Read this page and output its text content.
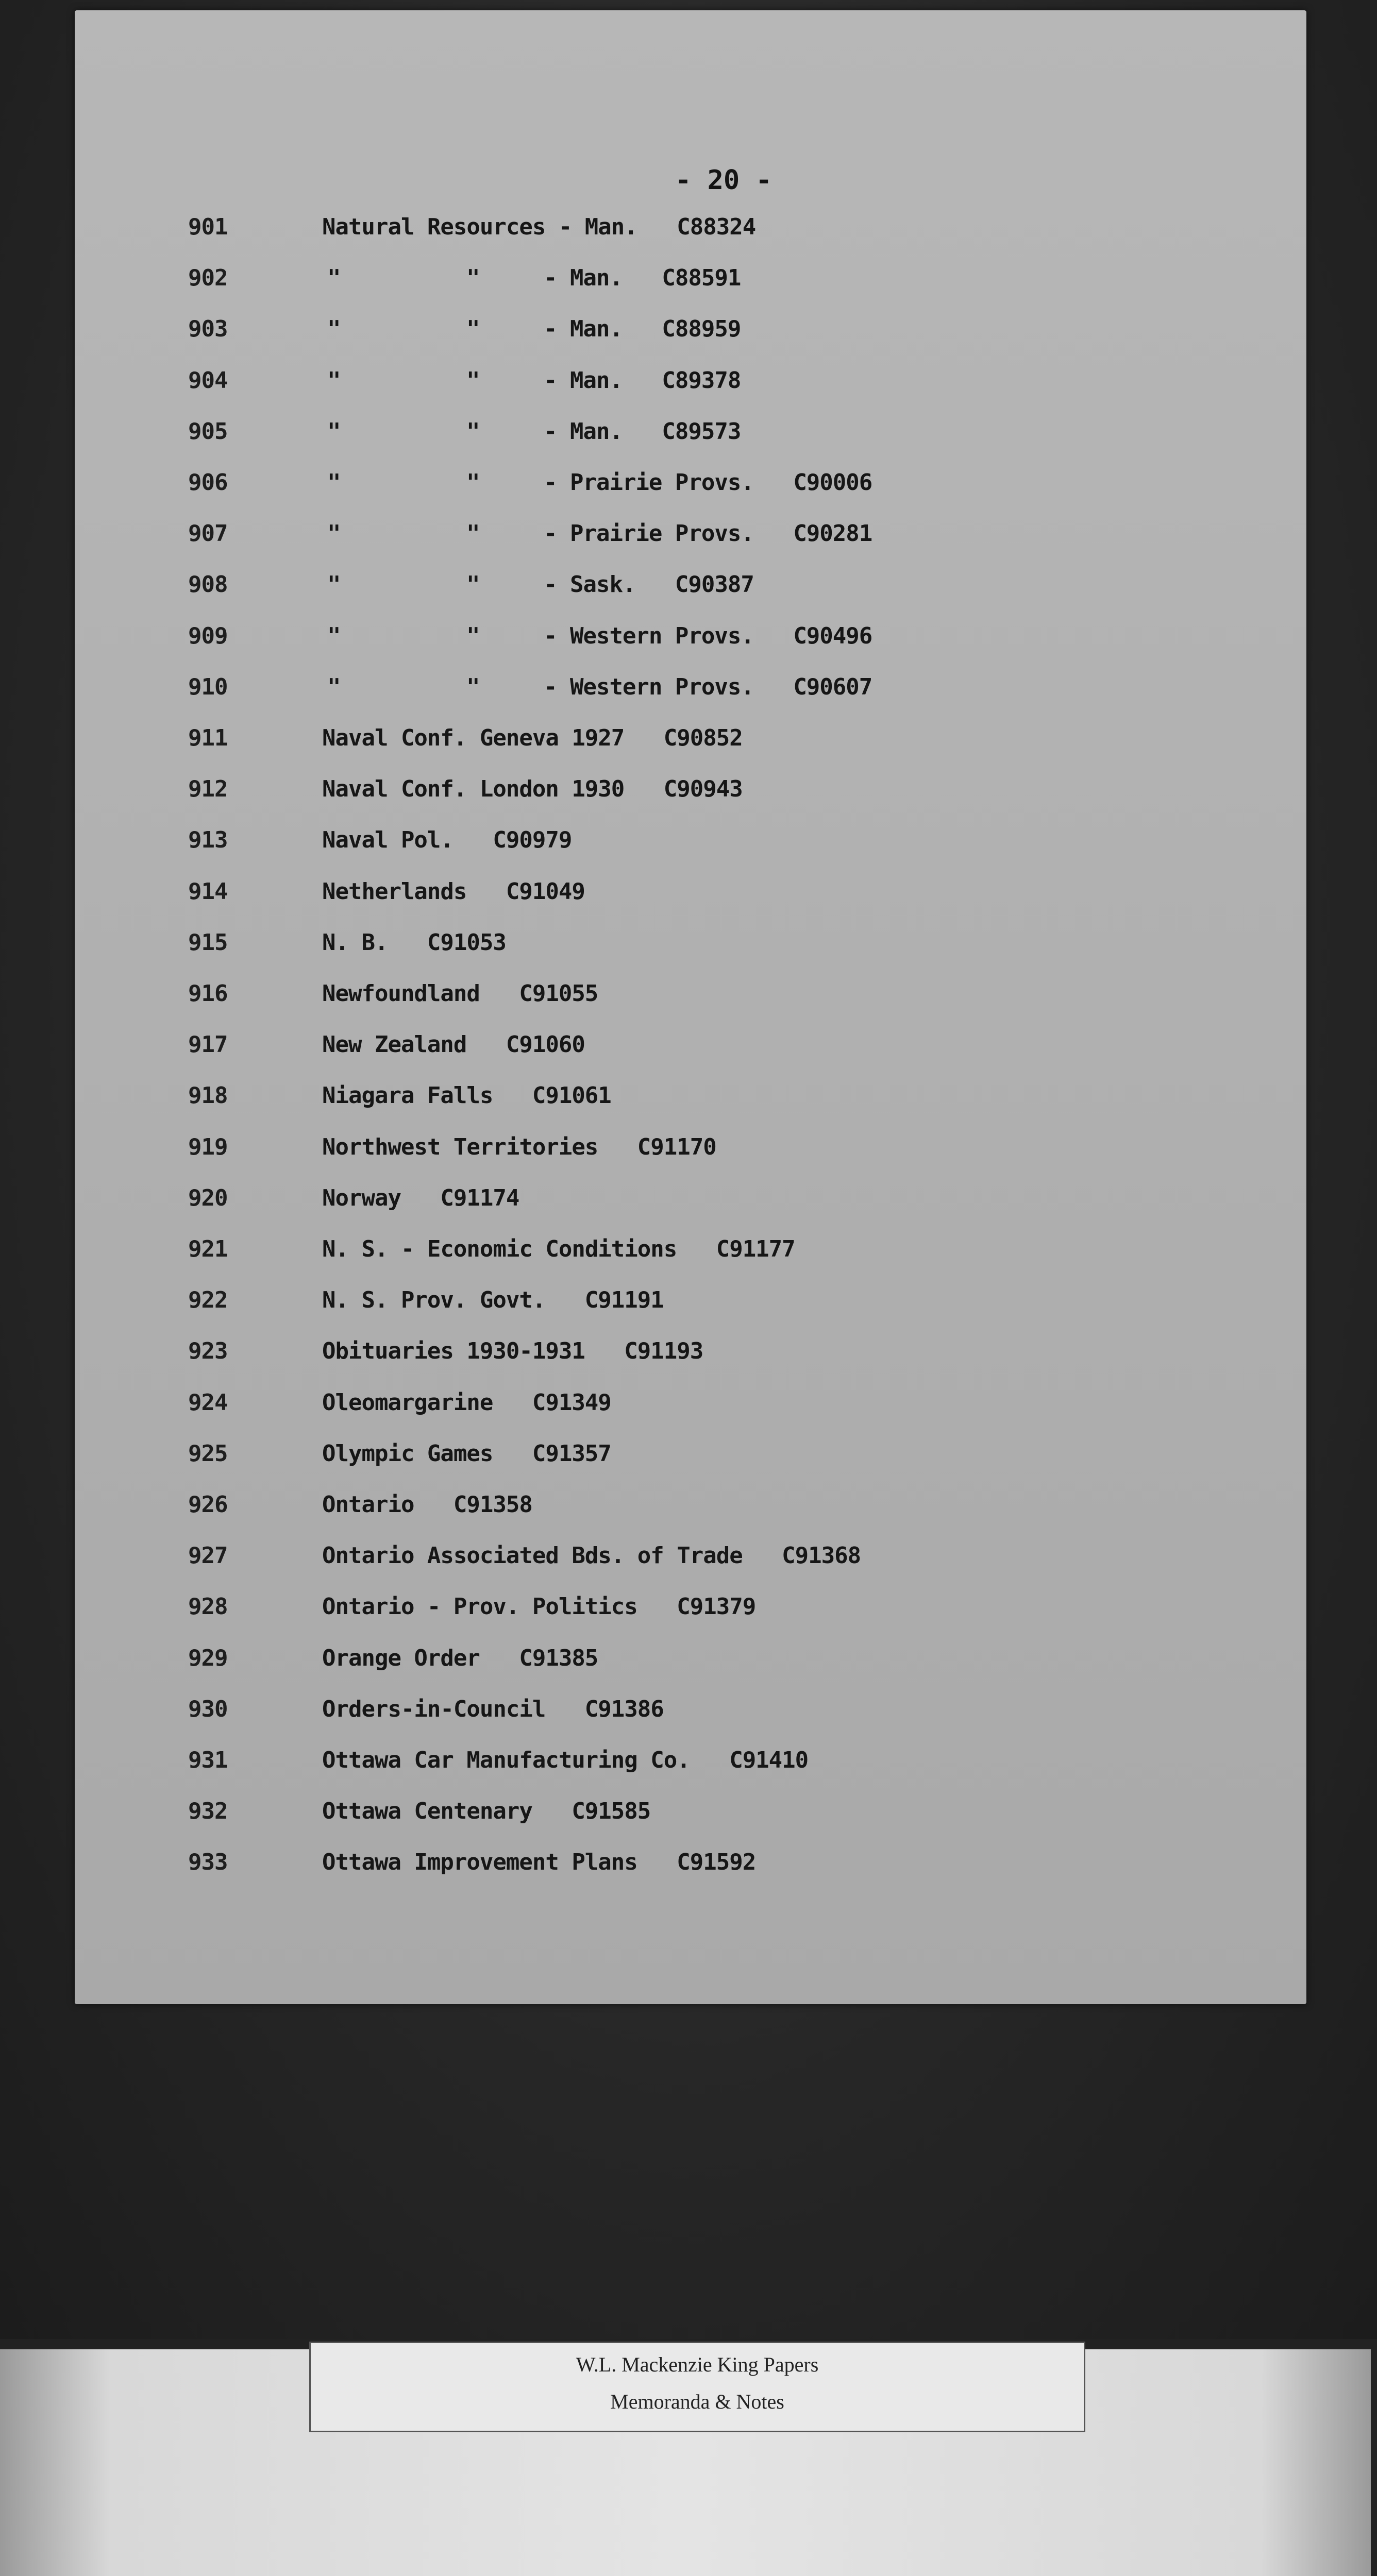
- 20 -
901	Natural Resources - Man.   C88324
902	"	"	- Man.   C88591
903	"	"	- Man.   C88959
904	"	"	- Man.   C89378
905	"	"	- Man.   C89573
906	"	"	- Prairie Provs.   C90006
907	"	"	- Prairie Provs.   C90281
908	"	"	- Sask.   C90387
909	"	"	- Western Provs.   C90496
910	"	"	- Western Provs.   C90607
911	Naval Conf. Geneva 1927   C90852
912	Naval Conf. London 1930   C90943
913	Naval Pol.   C90979
914	Netherlands   C91049
915	N. B.   C91053
916	Newfoundland   C91055
917	New Zealand   C91060
918	Niagara Falls   C91061
919	Northwest Territories   C91170
920	Norway   C91174
921	N. S. - Economic Conditions   C91177
922	N. S. Prov. Govt.   C91191
923	Obituaries 1930-1931   C91193
924	Oleomargarine   C91349
925	Olympic Games   C91357
926	Ontario   C91358
927	Ontario Associated Bds. of Trade   C91368
928	Ontario - Prov. Politics   C91379
929	Orange Order   C91385
930	Orders-in-Council   C91386
931	Ottawa Car Manufacturing Co.   C91410
932	Ottawa Centenary   C91585
933	Ottawa Improvement Plans   C91592
W.L. Mackenzie King Papers
Memoranda & Notes
